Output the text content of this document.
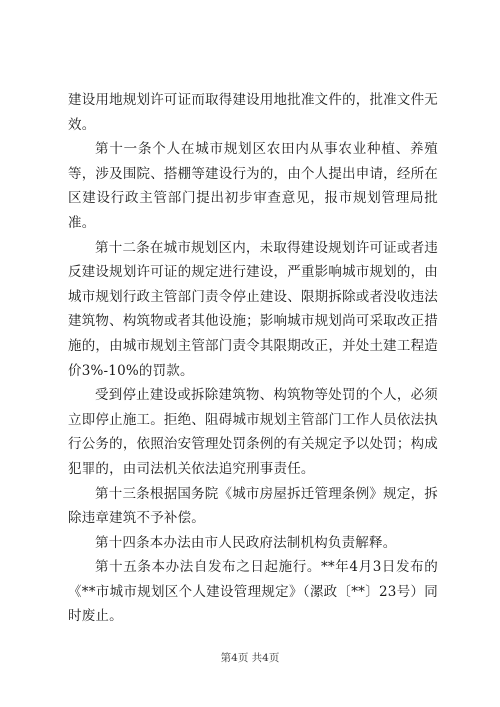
建设用地规划许可证而取得建设用地批准文件的，批准文件无效。

第十一条个人在城市规划区农田内从事农业种植、养殖等，涉及围院、搭棚等建设行为的，由个人提出申请，经所在区建设行政主管部门提出初步审查意见，报市规划管理局批准。

第十二条在城市规划区内，未取得建设规划许可证或者违反建设规划许可证的规定进行建设，严重影响城市规划的，由城市规划行政主管部门责令停止建设、限期拆除或者没收违法建筑物、构筑物或者其他设施；影响城市规划尚可采取改正措施的，由城市规划主管部门责令其限期改正，并处土建工程造价3%-10%的罚款。

受到停止建设或拆除建筑物、构筑物等处罚的个人，必须立即停止施工。拒绝、阻碍城市规划主管部门工作人员依法执行公务的，依照治安管理处罚条例的有关规定予以处罚；构成犯罪的，由司法机关依法追究刑事责任。

第十三条根据国务院《城市房屋拆迁管理条例》规定，拆除违章建筑不予补偿。

第十四条本办法由市人民政府法制机构负责解释。

第十五条本办法自发布之日起施行。**年4月3日发布的《**市城市规划区个人建设管理规定》（漯政〔**〕23号）同时废止。

第4页 共4页
